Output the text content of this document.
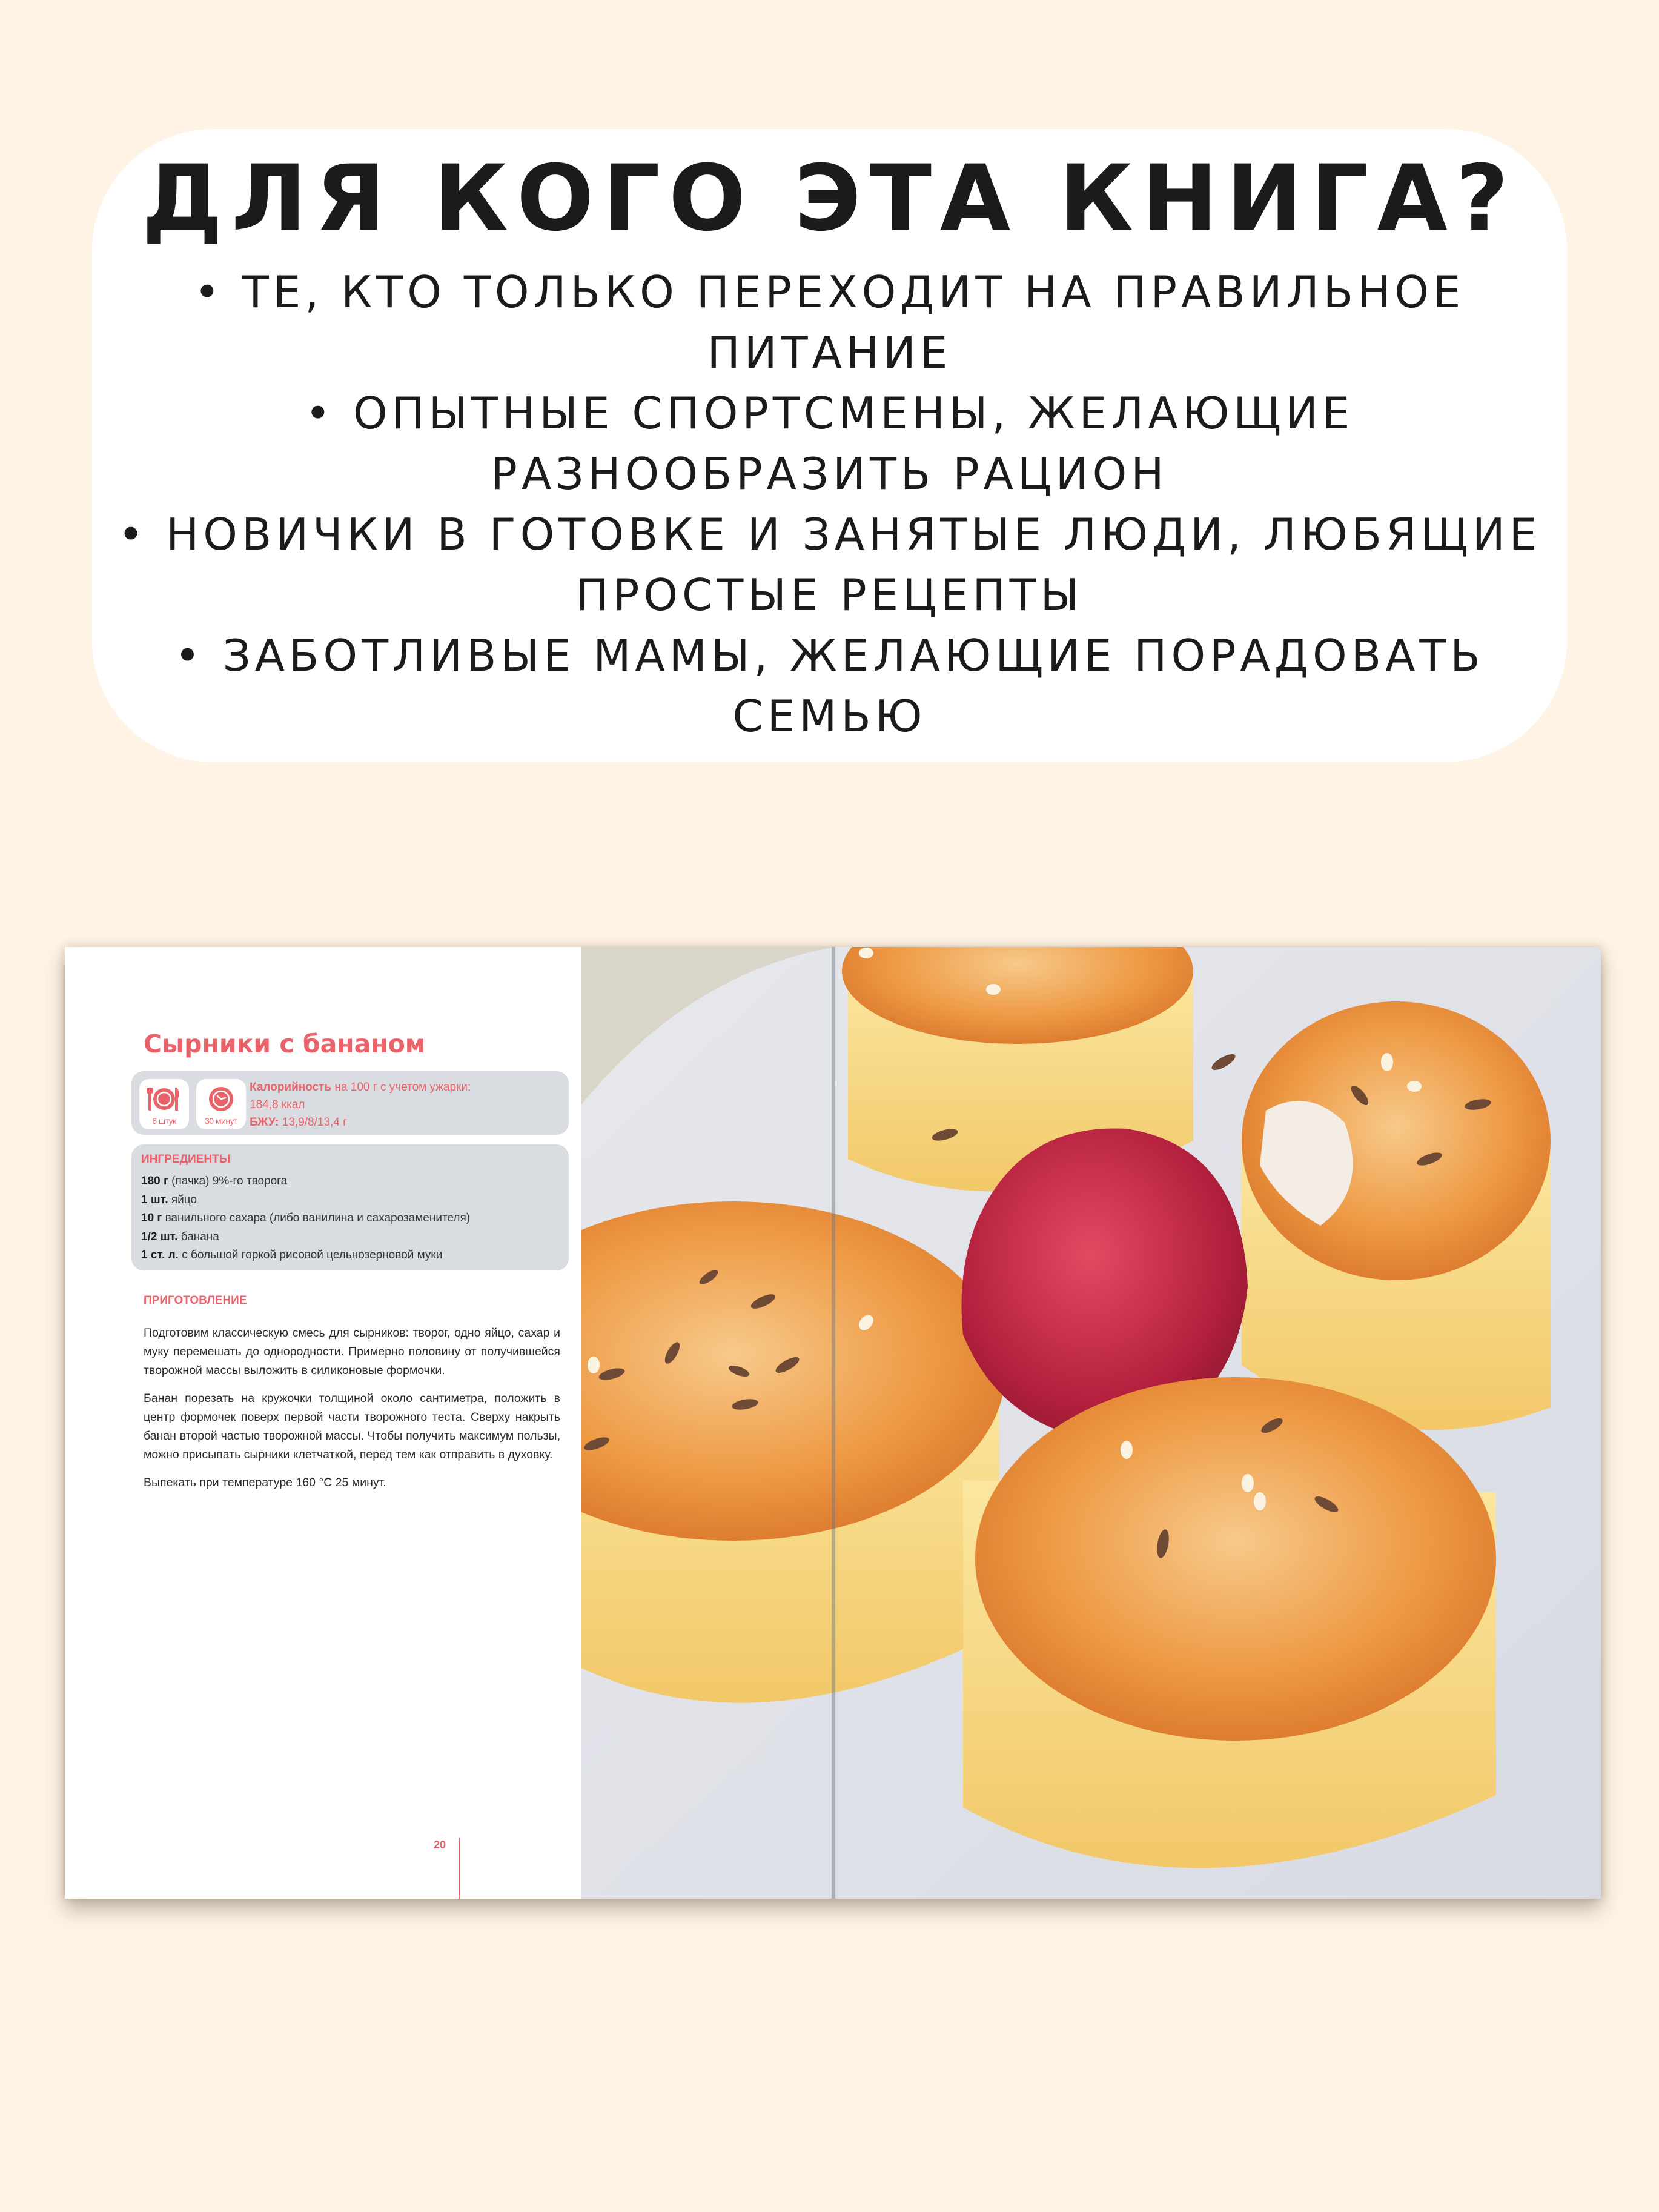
ДЛЯ КОГО ЭТА КНИГА?
• ТЕ, КТО ТОЛЬКО ПЕРЕХОДИТ НА ПРАВИЛЬНОЕ
ПИТАНИЕ
• ОПЫТНЫЕ СПОРТСМЕНЫ, ЖЕЛАЮЩИЕ
РАЗНООБРАЗИТЬ РАЦИОН
• НОВИЧКИ В ГОТОВКЕ И ЗАНЯТЫЕ ЛЮДИ, ЛЮБЯЩИЕ
ПРОСТЫЕ РЕЦЕПТЫ
• ЗАБОТЛИВЫЕ МАМЫ, ЖЕЛАЮЩИЕ ПОРАДОВАТЬ
СЕМЬЮ
Сырники с бананом
6 штук	30 минут
Калорийность на 100 г с учетом ужарки:
184,8 ккал
БЖУ: 13,9/8/13,4 г
ИНГРЕДИЕНТЫ
180 г (пачка) 9%-го творога
1 шт. яйцо
10 г ванильного сахара (либо ванилина и сахарозаменителя)
1/2 шт. банана
1 ст. л. с большой горкой рисовой цельнозерновой муки
ПРИГОТОВЛЕНИЕ

Подготовим классическую смесь для сырников: творог, одно яйцо, сахар и муку перемешать до однородности. Примерно половину от получившейся творожной массы выложить в силиконовые формочки.

Банан порезать на кружочки толщиной около сантиметра, положить в центр формочек поверх первой части творожного теста. Сверху накрыть банан второй частью творожной массы. Чтобы получить максимум пользы, можно присыпать сырники клетчаткой, перед тем как отправить в духовку.

Выпекать при температуре 160 °C 25 минут.

20
